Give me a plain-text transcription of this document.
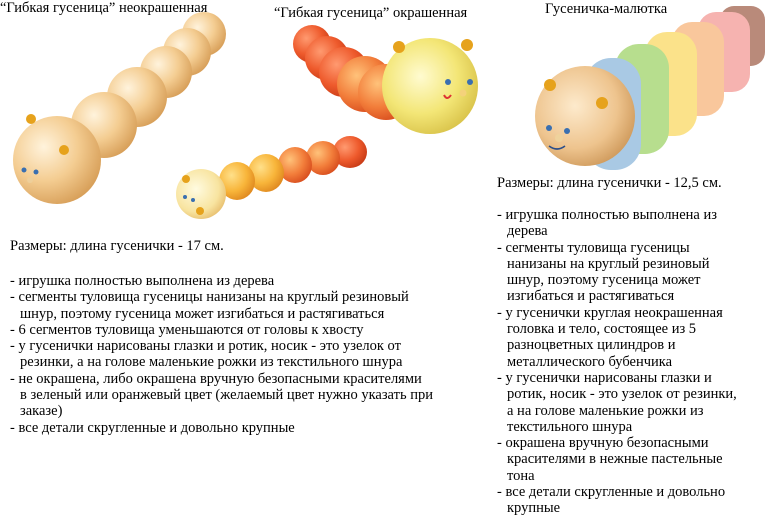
“Гибкая гусеница” неокрашенная	“Гибкая гусеница” окрашенная	Гусеничка-малютка
Размеры: длина гусенички - 17 см.
- игрушка полностью выполнена из дерева
- сегменты туловища гусеницы нанизаны на круглый резиновый
шнур, поэтому гусеница может изгибаться и растягиваться
- 6 сегментов туловища уменьшаются от головы к хвосту
- у гусенички нарисованы глазки и ротик, носик - это узелок от
резинки, а на голове маленькие рожки из текстильного шнура
- не окрашена, либо окрашена вручную безопасными красителями
в зеленый или оранжевый цвет (желаемый цвет нужно указать при
заказе)
- все детали скругленные и довольно крупные
Размеры: длина гусенички - 12,5 см.
- игрушка полностью выполнена из
дерева
- сегменты туловища гусеницы
нанизаны на круглый резиновый
шнур, поэтому гусеница может
изгибаться и растягиваться
- у гусенички круглая неокрашенная
головка и тело, состоящее из 5
разноцветных цилиндров и
металлического бубенчика
- у гусенички нарисованы глазки и
ротик, носик - это узелок от резинки,
а на голове маленькие рожки из
текстильного шнура
- окрашена вручную безопасными
красителями в нежные пастельные
тона
- все детали скругленные и довольно
крупные
